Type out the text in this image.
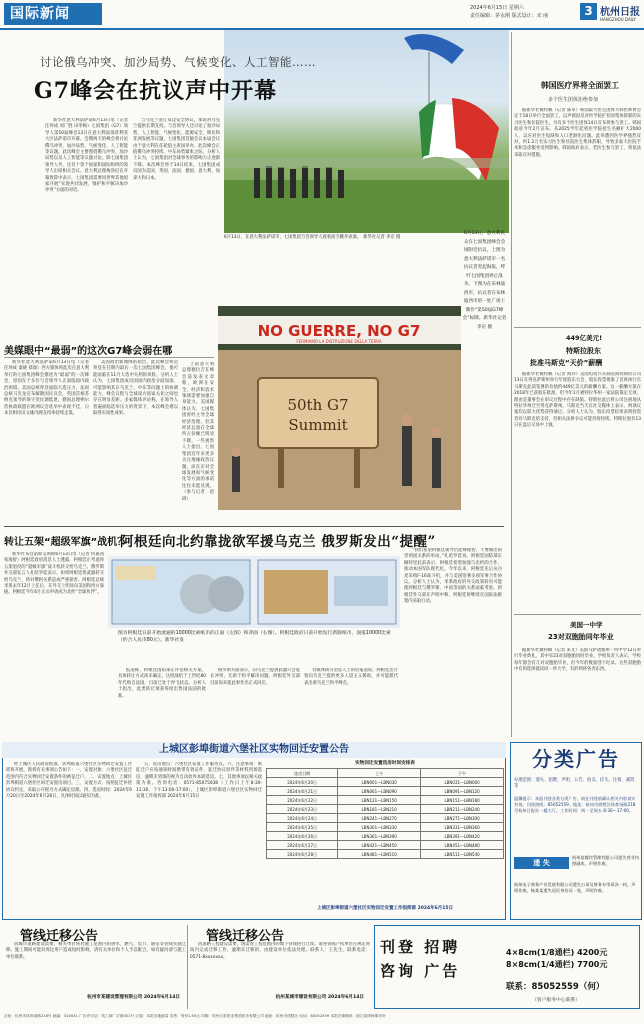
国际新闻	2024年6月15日 星期六
责任编辑：茅永刚 版式设计：宋 丽	3 杭州日报
HANGZHOU DAILY
6月13日，在意大利法萨诺市，七国集团与会领导人观看高空跳伞表演。　新华社记者 李京 摄
讨论俄乌冲突、加沙局势、气候变化、人工智能……
G7峰会在抗议声中开幕

新华社意大利法萨诺6月13日电（记者 任珂成 刘广胜 田冬梅）七国集团（G7）领导人第50届峰会13日在意大利南部普利亚大区法萨诺市开幕。会期两天的峰会将讨论俄乌冲突、加沙局势、气候变化、人工智能等议题。此次峰会主要围绕俄乌冲突、加沙局势以及人工智能等议题讨论。除七国集团领导人外，还有十余个国家和国际组织的领导人出席相关会议。意大利总理梅洛尼在开幕致辞中表示，七国集团需要同世界其他国家开展“实现共同发展、维护和平解决加沙冲突”方面的对话。

与乌克兰签订双边安全协议、承诺对乌克兰提供长期支持。与会领导人还讨论了加沙局势、人工智能、气候变化、能源安全、移民和非洲发展等议题。七国集团首脑会议本届会议由于意大利在任轮值主席国举办。此次峰会正值俄乌冲突持续、中东局势紧张之际，分析人士认为，七国集团对全球事务的影响力正逐渐下降。本次峰会将于14日结束。七国集团成员国为美国、英国、法国、德国、意大利、加拿大和日本。

美媒眼中“最弱”的这次G7峰会弱在哪

新华社意大利法萨诺6月13日电（记者 任珂成 秦晓 郑康）西方媒体将此次在意大利举行的七国集团峰会描述为“最弱”的一次峰会，原因在于多位与会领导人正面临国内政治困境。美国总统拜登面临大选压力，法国总统马克龙宣布解散国民议会，英国首相苏纳克领导的保守党民调低迷，德国总理朔尔茨执政联盟在欧洲议会选举中表现不佳，日本首相岸田文雄内阁支持率持续走低。

美国政治新闻网站指出，此次峰会将是拜登在任期内最后一次七国集团峰会，他可能面临在11月大选中失利的风险。分析人士认为，七国集团成员国国内政治分歧加深，可能影响其在乌克兰、中东等问题上的协调能力，峰会议程与全球南方国家关切之间也存在明显差距。多家媒体评论称，在领导人普遍面临选举压力的背景下，本次峰会难以取得实质性成果。

上前意大利总理德拉吉在峰会前发表文章称，欧洲在安全、经济和技术领域需要加强自身能力。美国媒体认为，七国集团曾经主导全球经济治理，但其经济总量在全球所占份额已明显下降。一些观察人士指出，七国集团近年来更多关注地缘政治议题，而在应对全球发展和气候变化等方面的承诺往往未能兑现。（参与记者：赵研）

NO GUERRE, NO G7
FERMIAMO LA DISTRUZIONE DELLA TERRA
50th G7
Summit
6月13日，意大利民众在七国集团峰会会场附近抗议，上图为意大利法萨诺市一名抗议者竖起海报，呼吁七国集团停止战争。下图为在布林迪西市，抗议者在布林迪西市的一处广场上制作“第50届G7峰会”标牌。新华社记者李京 摄
转让五架“超级军旗”战机？
阿根廷向北约靠拢欲军援乌克兰 俄罗斯发出“提醒”

新华社布宜诺斯艾利斯6月13日电（记者 何嘉茜 张海舒）阿根廷政府消息人士透露，阿根廷正考虑将五架退役的“超级军旗”战斗机转交给乌克兰。俄罗斯外交部发言人扎哈罗娃表示，如果阿根廷将武器转交给乌克兰，将对俄阿关系造成严重损害。阿根廷总统米莱去年12月上任后，在外交上明显向美国和西方靠拢。阿根廷今年4月正式申请成为北约“全球伙伴”。

图为阿根廷日前开始流通的10000比索纸币的正面（左图）和背面（右图）。阿根廷政府日前开始发行新版纸币，面值10000比索（约合人民币80元）。新华社发

报道称，阿根廷国防部正评估相关方案，具体转让方式尚未确定。这批战机于上世纪80年代购自法国，目前已处于停飞状态。分析人士指出，此类转让须获得原出售国法国的批准。

俄罗斯方面表示，向乌克兰提供武器只会延长冲突，无助于和平解决问题。阿根廷外交部目前尚未就此事作出正式回应。

有媒体援引消息人士的话报道说，阿根廷还计划向乌克兰提供更多人道主义援助，并可能派代表出席乌克兰和平峰会。

“我们希望阿根廷领导层能够理智，不要做出损害两国关系的举动。”扎哈罗娃说。阿根廷国防部长佩特里此前表示，阿根廷希望加强与北约的合作，推动本国军队现代化。今年以来，阿根廷先后从丹麦采购F-16战斗机，并与美国签署多项军事合作协议。分析人士认为，米莱政府的外交政策转向可能使阿根廷与俄罗斯、中国等国的关系面临考验。阿根廷外交部在声明中称，阿根廷将继续在国际法框架内采取行动。

韩国医疗界将全面罢工
多个医生团体拒绝参加

据新华社微特稿（记者 陈卓）韩国最大医生团体大韩医师协会定于18日举行全面罢工，以声援因反对医学院扩招而集体辞职的实习医生和住院医生。另有多个医生团体14日宣布将参与罢工。韩国政府今年2月宣布，从2025学年起将医学院招生名额扩大2000人，以应对医生短缺和人口老龄化问题。此举遭到医学界强烈反对，约1.2万名实习医生和住院医生集体辞职，导致多家大医院手术和急诊服务受到影响。韩国政府表示，若医生参与罢工，将依法采取应对措施。

449亿美元!
特斯拉股东
批准马斯克“天价”薪酬

据新华社微特稿（记者 海洋）美国电动汽车制造商特斯拉公司13日在得克萨斯州举行年度股东大会，股东投票批准了首席执行官马斯克此前签署的价值约449亿美元的薪酬方案。这一薪酬方案在2018年已获股东批准，但今年1月被特拉华州一家法院裁定无效，理由是董事会在审议过程中存在缺陷。特斯拉此后将公司注册地从特拉华州迁至得克萨斯州。马斯克当天在社交媒体上表示，两项议案均以较大优势获得通过。分析人士认为，股东投票结果表明投资者对马斯克的支持，但相关法律争议可能仍将持续。特斯拉股价13日在盘后交易中上涨。

美国一中学
23对双胞胎同年毕业

据新华社微特稿（记者 朱文）美国马萨诸塞州一所中学12日举行毕业典礼，其中有23对双胞胎同时毕业。学校负责人表示，学校每年都会有几对双胞胎毕业，但今年的数量创下纪录。这些双胞胎中有的选择就读同一所大学，有的则将各奔东西。

上城区彭埠街道六堡社区实物回迁安置公告

经上城区人民政府批准，彭埠街道六堡社区实物回迁安置工作即将开展。现将有关事项公告如下：一、安置对象：六堡社区征迁范围内符合实物回迁安置条件的被征迁户。二、安置地点：上城区彭埠街道六堡社区回迁安置房项目。三、安置方式：按照征迁补偿协议约定，采取公开摇号方式确定房源。四、选房时间：2024年6月20日至2024年6月28日，具体时间以通知为准。

五、选房地点：六堡社区安置工作服务点。六、注意事项：被征迁户应按通知时间携带有效证件、征迁协议原件等材料到场选房，逾期未到场的视为自动放弃本轮选房。七、其他事项以相关政策为准。咨询电话：0571-85075038（工作日上午8:30-11:30，下午13:00-17:00）。上城区彭埠街道六堡社区实物回迁安置工作指挥部 2024年6月15日

实物回迁安置选房时间安排表
选房日期	上午	下午
2024年6月20日	LBN001—LBN030	LBN031—LBN060
2024年6月21日	LBN061—LBN090	LBN091—LBN120
2024年6月22日	LBN121—LBN150	LBN151—LBN180
2024年6月23日	LBN181—LBN210	LBN211—LBN240
2024年6月24日	LBN241—LBN270	LBN271—LBN300
2024年6月25日	LBN301—LBN330	LBN331—LBN360
2024年6月26日	LBN361—LBN390	LBN391—LBN420
2024年6月27日	LBN421—LBN450	LBN451—LBN480
2024年6月28日	LBN481—LBN510	LBN511—LBN540
上城区彭埠街道六堡社区实物回迁安置工作指挥部 2024年6月15日
分类广告
办理范围：遗失、招聘、声明、公告、拍卖、挂失、注销、减资等
温馨提示：本报刊登各类分类广告，请在刊登前确认相关内容真实有效。刊登热线：85052559。地址：杭州市拱墅区体育场路218号杭州日报社一楼大厅。工作时间：周一至周五 8:30—17:00。
遗 失
杭州某餐饮管理有限公司遗失营业执照副本，声明作废。
杭州电子商务产业发展有限公司遗失公章及财务专用章各一枚，声明作废。杨某某遗失居民身份证一张，声明作废。
管线迁移公告

因城市道路建设需要，相关单位将对施工范围内的供水、燃气、电力、通信等管线实施迁移。施工期间可能对周边用户造成短时影响，请有关单位和个人予以配合。如有疑问请与施工单位联系。

杭州市某建设管理有限公司 2024年6月14日
管线迁移公告

因道路工程建设需要，现需对工程范围内的地下管线进行迁改。请各管线产权单位在规定时间内完成迁移工作，逾期未迁移的，由建设单位依法处理。联系人：王先生，联系电话：0571-8xxxxxxx。

杭州某城市建设有限公司 2024年6月14日
刊登 招聘
咨询 广告
4×8cm(1/8通栏) 4200元
8×8cm(1/4通栏) 7700元
联系：85052559（何）
（客户服务中心联系）
社址：杭州市体育场路218号 邮编：310041 广告许可证：杭工商广字第001号 订阅：本报各地邮局 零售：每份1.50元 印刷：杭州日报报业集团印务有限公司 地址：杭州市拱墅区 电话：85052559 本报法律顾问：浙江某律师事务所
